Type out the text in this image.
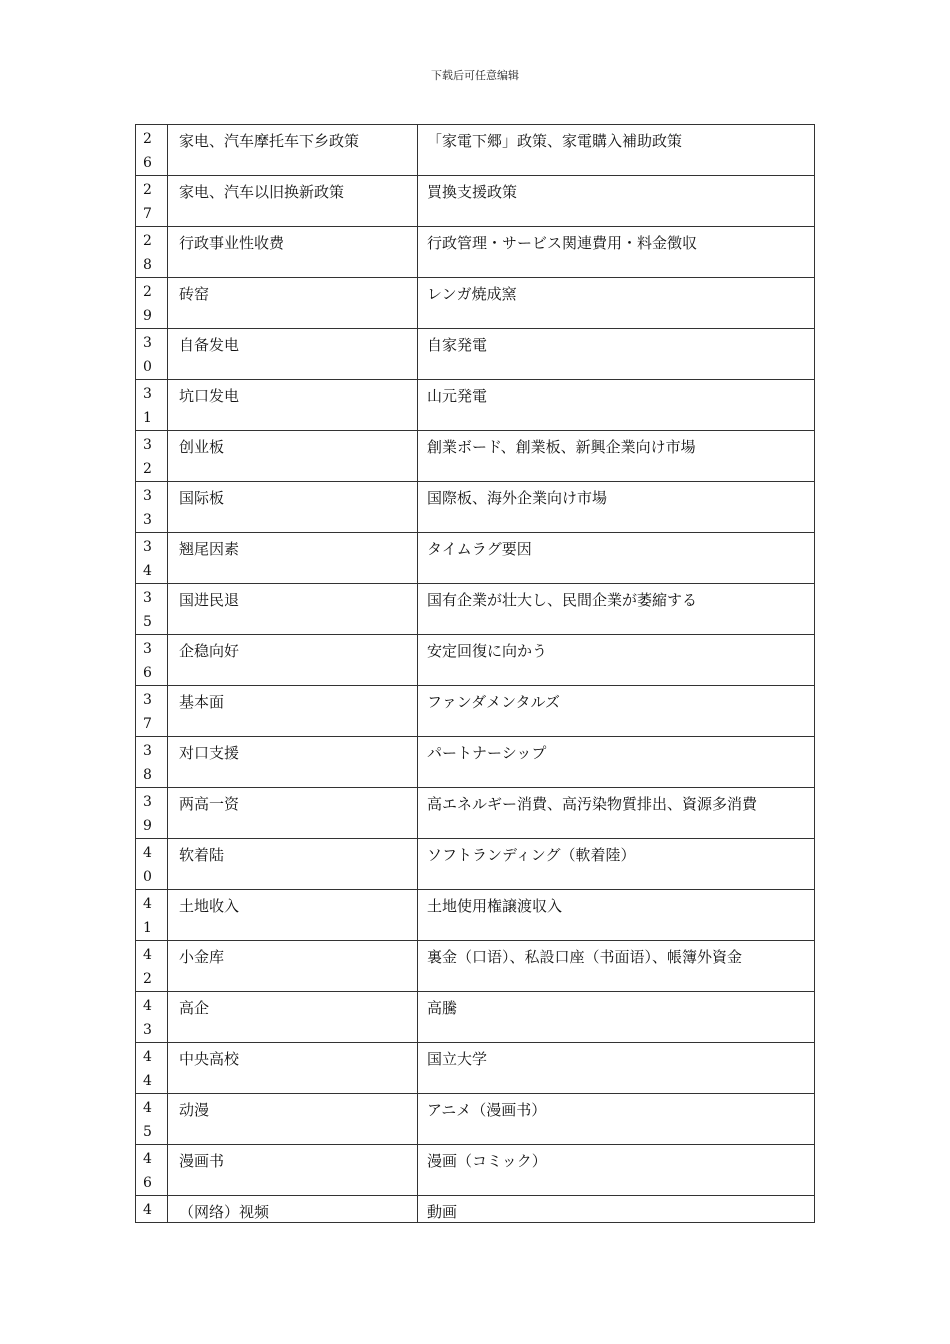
下载后可任意编辑
26	家电、汽车摩托车下乡政策	「家電下郷」政策、家電購入補助政策

27	家电、汽车以旧换新政策	買換支援政策

28	行政事业性收费	行政管理・サービス関連費用・料金徴収

29	砖窑	レンガ焼成窯

30	自备发电	自家発電

31	坑口发电	山元発電

32	创业板	創業ボード、創業板、新興企業向け市場

33	国际板	国際板、海外企業向け市場

34	翘尾因素	タイムラグ要因

35	国进民退	国有企業が壮大し、民間企業が萎縮する

36	企稳向好	安定回復に向かう

37	基本面	ファンダメンタルズ

38	对口支援	パートナーシップ

39	两高一资	高エネルギー消費、高汚染物質排出、資源多消費

40	软着陆	ソフトランディング（軟着陸）

41	土地收入	土地使用権譲渡収入

42	小金库	裏金（口语）、私設口座（书面语）、帳簿外資金

43	高企	高騰

44	中央高校	国立大学

45	动漫	アニメ（漫画书）

46	漫画书	漫画（コミック）

4	（网络）视频	動画
